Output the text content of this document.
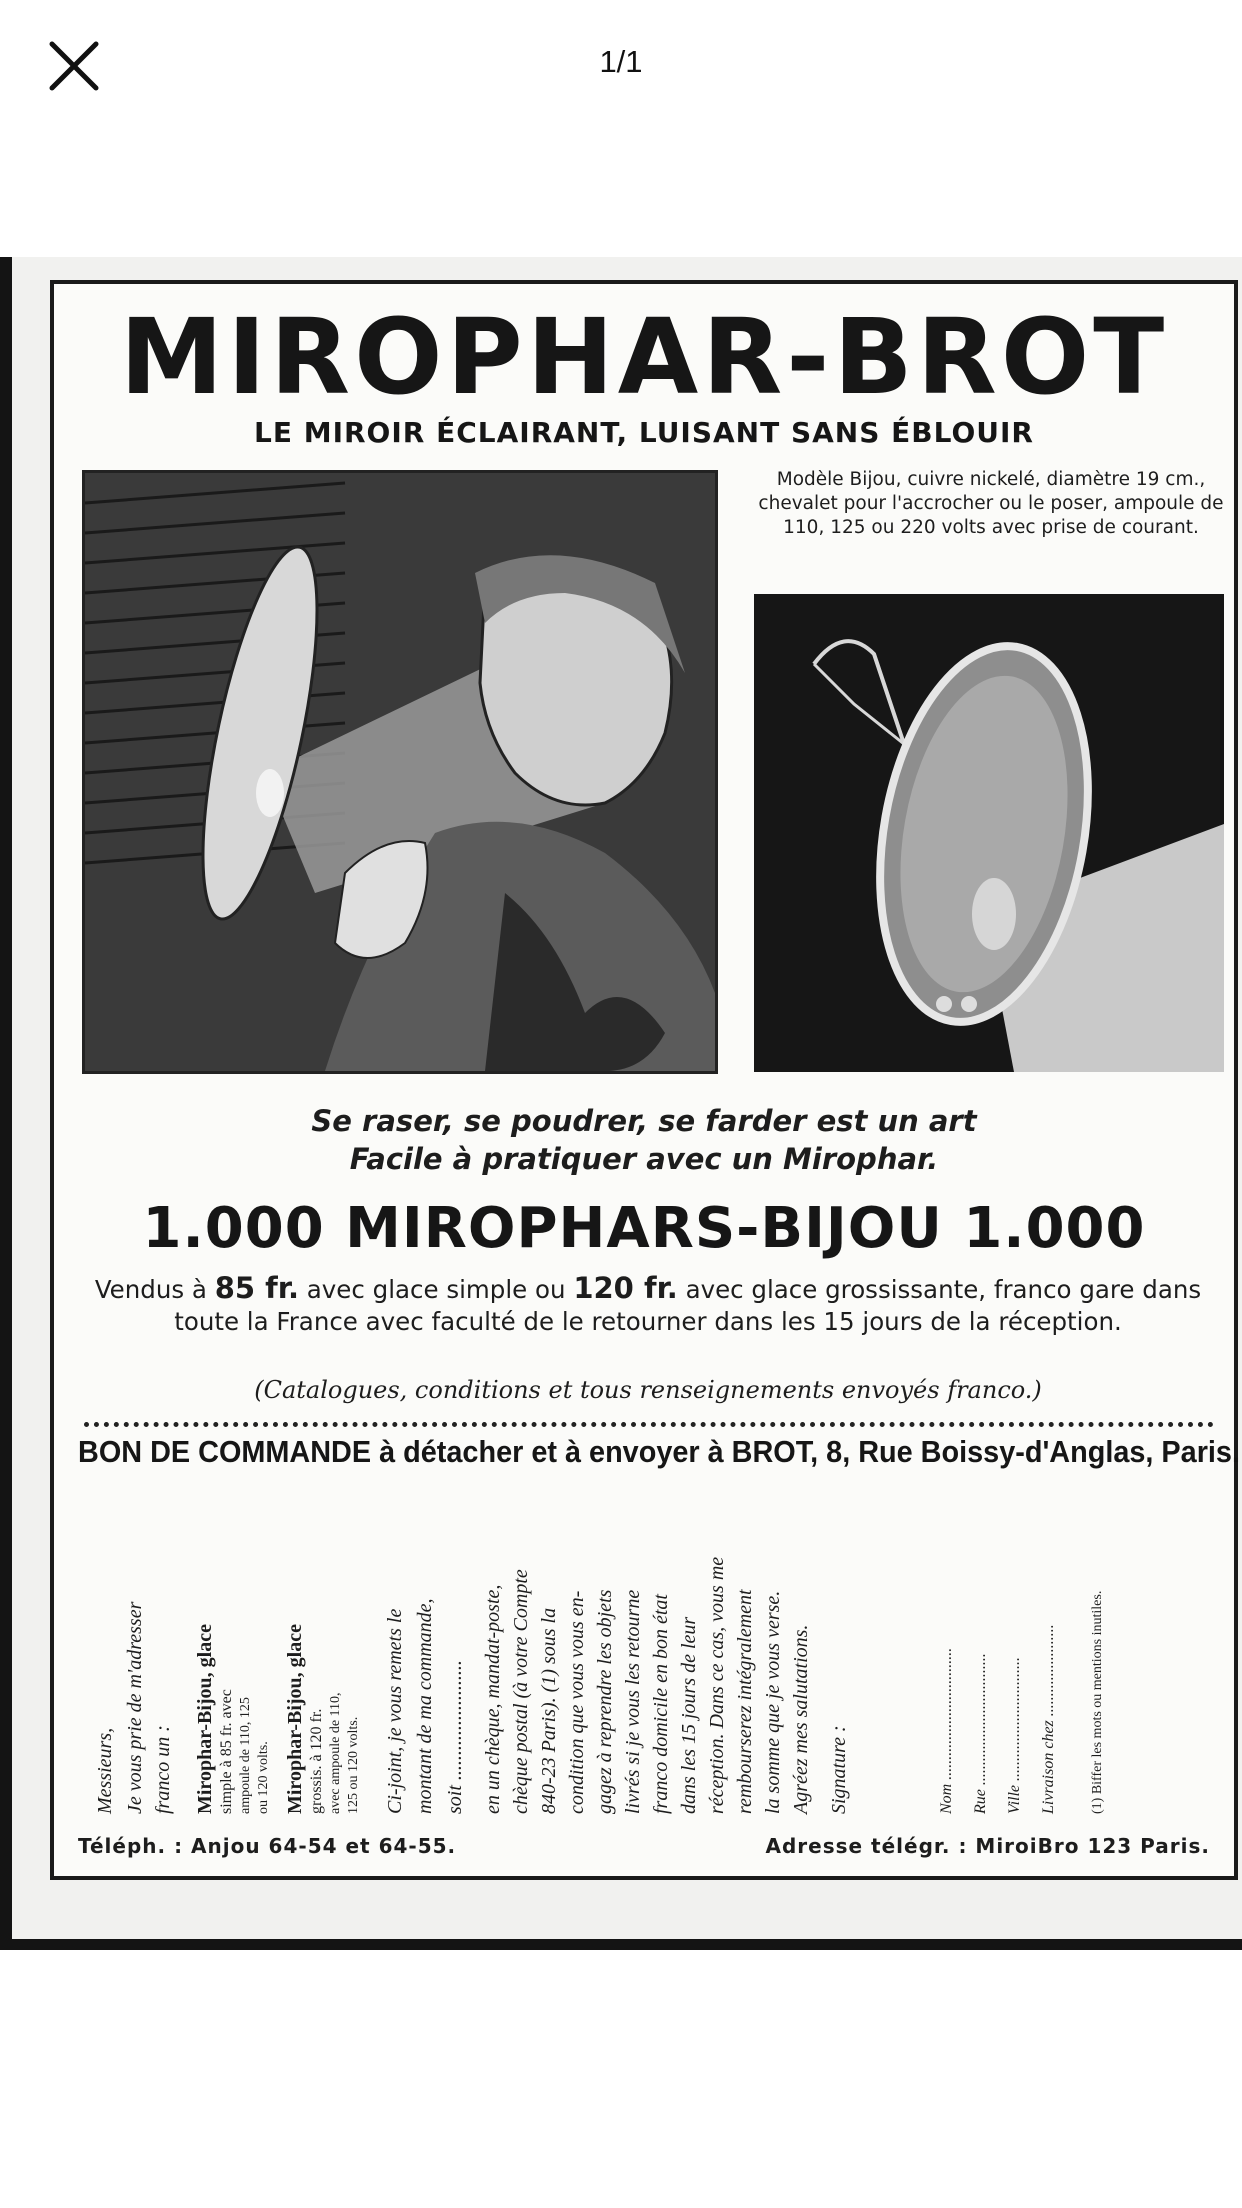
1/1
MIROPHAR-BROT
LE MIROIR ÉCLAIRANT, LUISANT SANS ÉBLOUIR
Modèle Bijou, cuivre nickelé, diamètre 19 cm., chevalet pour l'accrocher ou le poser, ampoule de 110, 125 ou 220 volts avec prise de courant.
Se raser, se poudrer, se farder est un art
Facile à pratiquer avec un Mirophar.
1.000 MIROPHARS-BIJOU 1.000
Vendus à 85 fr. avec glace simple ou 120 fr. avec glace grossissante, franco gare dans toute la France avec faculté de le retourner dans les 15 jours de la réception.
(Catalogues, conditions et tous renseignements envoyés franco.)
BON DE COMMANDE à détacher et à envoyer à BROT, 8, Rue Boissy-d'Anglas, Paris.
Messieurs, Je vous prie de m'adresser franco un : Mirophar-Bijou, glace simple à 85 fr. avec ampoule de 110, 125 ou 120 volts. Mirophar-Bijou, glace grossis. à 120 fr. avec ampoule de 110, 125 ou 120 volts. Ci-joint, je vous remets le montant de ma commande, soit ........................ en un chèque, mandat-poste, chèque postal (à votre Compte 840-23 Paris). (1) sous la condition que vous vous en- gagez à reprendre les objets livrés si je vous les retourne franco domicile en bon état dans les 15 jours de leur réception. Dans ce cas, vous me rembourserez intégralement la somme que je vous verse. Agréez mes salutations. Signature :	Nom ................................. Rue ................................. Ville ............................... Livraison chez ....................... (1) Biffer les mots ou mentions inutiles.
Téléph. : Anjou 64-54 et 64-55.	Adresse télégr. : MiroiBro 123 Paris.
